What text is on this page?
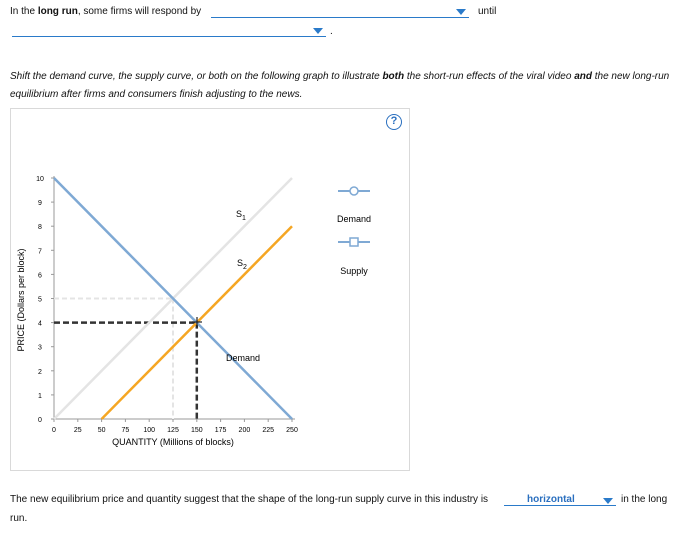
In the long run, some firms will respond by	until
.
Shift the demand curve, the supply curve, or both on the following graph to illustrate both the short-run effects of the viral video and the new long-run equilibrium after firms and consumers finish adjusting to the news.
?
PRICE (Dollars per block)
0
1
2
3
4
5
6
7
8
9
10
0	25 50 75 100 125 150 175 200 225 250
$S_1$
$S_2$
Demand
QUANTITY (Millions of blocks)
Demand
Supply
The new equilibrium price and quantity suggest that the shape of the long-run supply curve in this industry is	horizontal	in the long
run.
